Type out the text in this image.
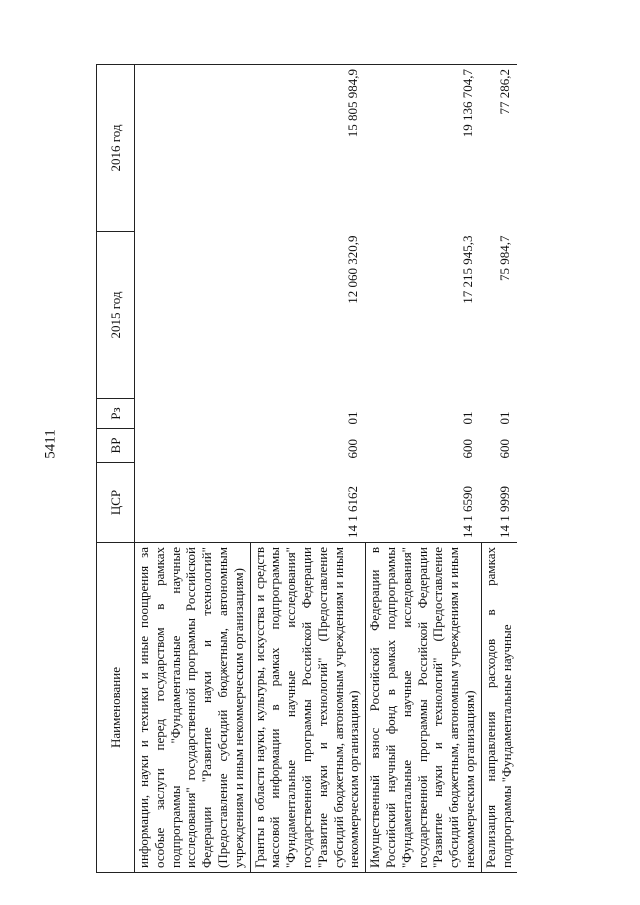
5411
Наименование	ЦСР	ВР	Рз	2015 год	2016 год

информации, науки и техники и иные поощрения за особые заслуги перед государством в рамках подпрограммы "Фундаментальные научные исследования" государственной программы Российской Федерации "Развитие науки и технологий" (Предоставление субсидий бюджетным, автономным учреждениям и иным некоммерческим организациям)					

Гранты в области науки, культуры, искусства и средств массовой информации в рамках подпрограммы "Фундаментальные научные исследования" государственной программы Российской Федерации "Развитие науки и технологий" (Предоставление субсидий бюджетным, автономным учреждениям и иным некоммерческим организациям)	14 1 6162	600	01	12 060 320,9	15 805 984,9

Имущественный взнос Российской Федерации в Российский научный фонд в рамках подпрограммы "Фундаментальные научные исследования" государственной программы Российской Федерации "Развитие науки и технологий" (Предоставление субсидий бюджетным, автономным учреждениям и иным некоммерческим организациям)	14 1 6590	600	01	17 215 945,3	19 136 704,7

Реализация направления расходов в рамках подпрограммы "Фундаментальные научные	14 1 9999	600	01	75 984,7	77 286,2
